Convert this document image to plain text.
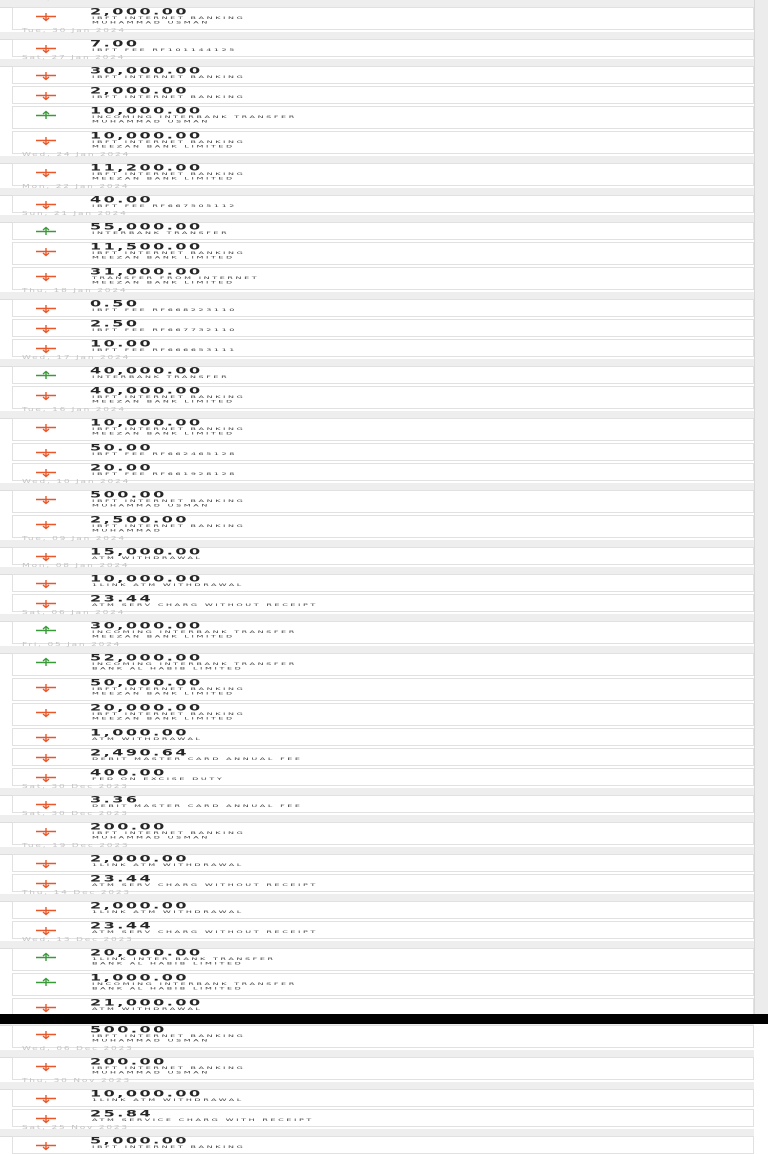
2,000.00
IBFT INTERNET BANKING
MUHAMMAD USMAN
Tue, 30 Jan 2024
7.00
IBFT FEE RF101144125
Sat, 27 Jan 2024
30,000.00
IBFT INTERNET BANKING
2,000.00
IBFT INTERNET BANKING
10,000.00
INCOMING INTERBANK TRANSFER
MUHAMMAD USMAN
10,000.00
IBFT INTERNET BANKING
MEEZAN BANK LIMITED
Wed, 24 Jan 2024
11,200.00
IBFT INTERNET BANKING
MEEZAN BANK LIMITED
Mon, 22 Jan 2024
40.00
IBFT FEE RF667505112
Sun, 21 Jan 2024
55,000.00
INTERBANK TRANSFER
11,500.00
IBFT INTERNET BANKING
MEEZAN BANK LIMITED
31,000.00
TRANSFER FROM INTERNET
MEEZAN BANK LIMITED
Thu, 18 Jan 2024
0.50
IBFT FEE RF668223110
2.50
IBFT FEE RF667732110
10.00
IBFT FEE RF666653111
Wed, 17 Jan 2024
40,000.00
INTERBANK TRANSFER
40,000.00
IBFT INTERNET BANKING
MEEZAN BANK LIMITED
Tue, 16 Jan 2024
10,000.00
IBFT INTERNET BANKING
MEEZAN BANK LIMITED
50.00
IBFT FEE RF662465128
20.00
IBFT FEE RF661928128
Wed, 10 Jan 2024
500.00
IBFT INTERNET BANKING
MUHAMMAD USMAN
2,500.00
IBFT INTERNET BANKING
MUHAMMAD
Tue, 09 Jan 2024
15,000.00
ATM WITHDRAWAL
Mon, 08 Jan 2024
10,000.00
1LINK ATM WITHDRAWAL
23.44
ATM SERV CHARG WITHOUT RECEIPT
Sat, 06 Jan 2024
30,000.00
INCOMING INTERBANK TRANSFER
MEEZAN BANK LIMITED
Fri, 05 Jan 2024
52,000.00
INCOMING INTERBANK TRANSFER
BANK AL HABIB LIMITED
50,000.00
IBFT INTERNET BANKING
MEEZAN BANK LIMITED
20,000.00
IBFT INTERNET BANKING
MEEZAN BANK LIMITED
1,000.00
ATM WITHDRAWAL
2,490.64
DEBIT MASTER CARD ANNUAL FEE
400.00
FED ON EXCISE DUTY
Sat, 30 Dec 2023
3.36
DEBIT MASTER CARD ANNUAL FEE
Sat, 30 Dec 2023
200.00
IBFT INTERNET BANKING
MUHAMMAD USMAN
Tue, 19 Dec 2023
2,000.00
1LINK ATM WITHDRAWAL
23.44
ATM SERV CHARG WITHOUT RECEIPT
Thu, 14 Dec 2023
2,000.00
1LINK ATM WITHDRAWAL
23.44
ATM SERV CHARG WITHOUT RECEIPT
Wed, 13 Dec 2023
20,000.00
1LINK INTER BANK TRANSFER
BANK AL HABIB LIMITED
1,000.00
INCOMING INTERBANK TRANSFER
BANK AL HABIB LIMITED
21,000.00
ATM WITHDRAWAL
500.00
IBFT INTERNET BANKING
MUHAMMAD USMAN
Wed, 06 Dec 2023
200.00
IBFT INTERNET BANKING
MUHAMMAD USMAN
Thu, 30 Nov 2023
10,000.00
1LINK ATM WITHDRAWAL
25.84
ATM SERVICE CHARG WITH RECEIPT
Sat, 25 Nov 2023
5,000.00
IBFT INTERNET BANKING
